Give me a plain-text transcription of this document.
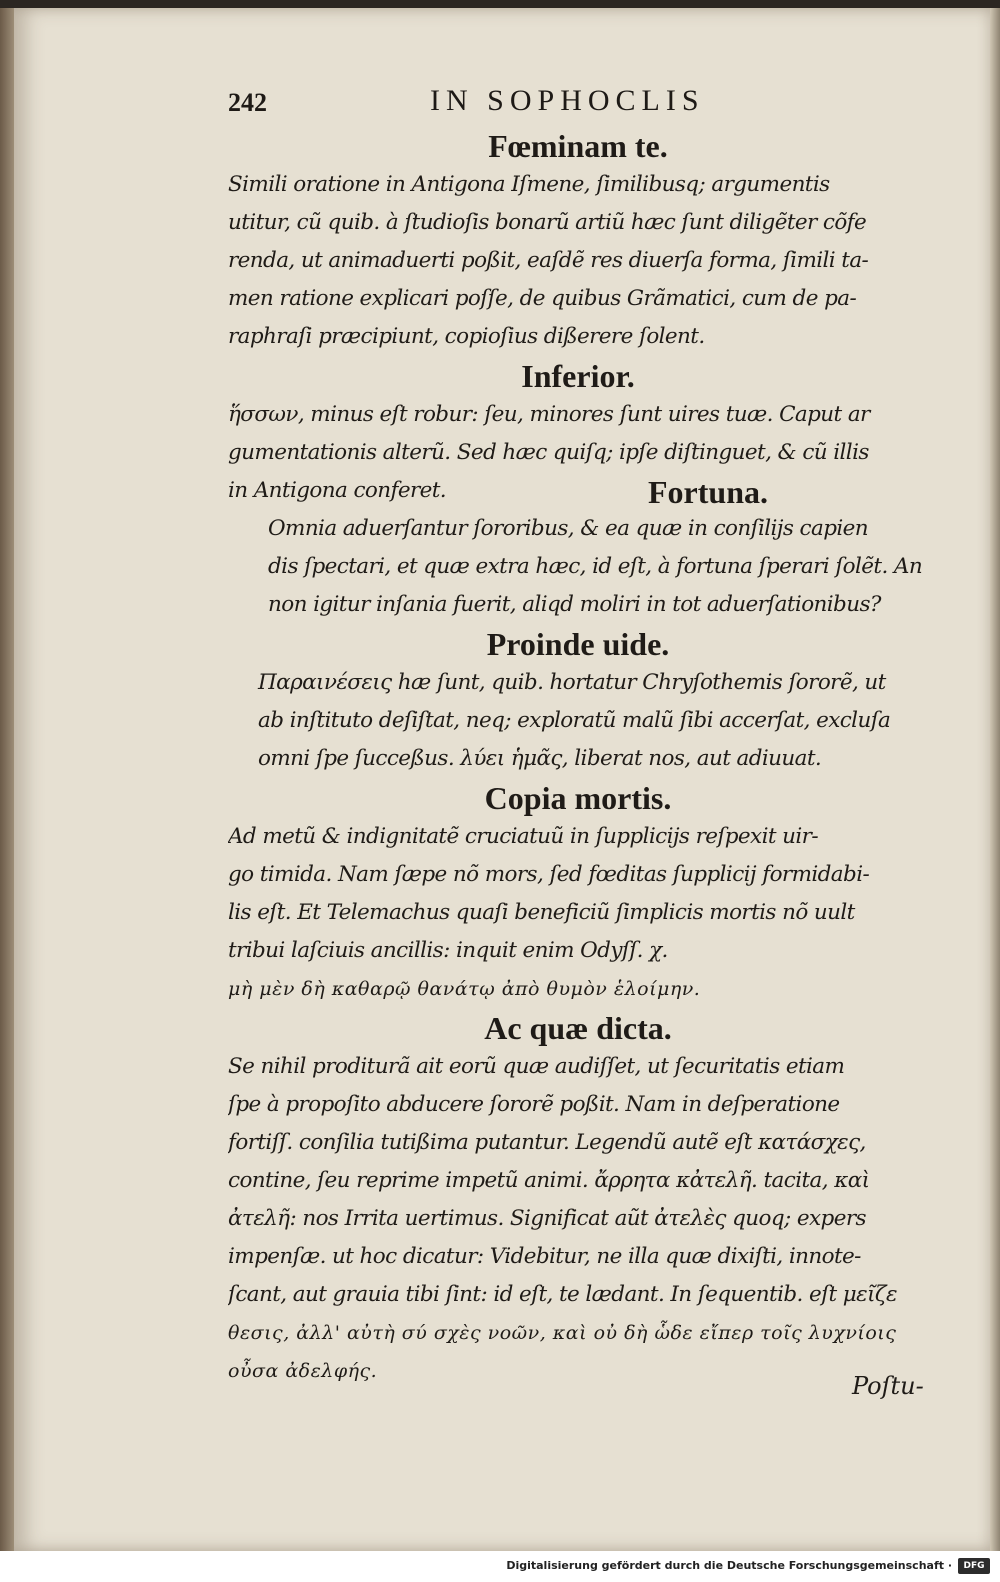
242	IN SOPHOCLIS
Fœminam te.

Simili oratione in Antigona Iſmene, ſimilibusq; argumentis
utitur, cũ quib. à ſtudioſis bonarũ artiũ hæc ſunt diligẽter cõfe
renda, ut animaduerti poßit, eaſdẽ res diuerſa forma, ſimili ta-
men ratione explicari poſſe, de quibus Grãmatici, cum de pa-
raphraſi præcipiunt, copioſius dißerere ſolent.

Inferior.

ἥσσων, minus eſt robur: ſeu, minores ſunt uires tuæ. Caput ar
gumentationis alterũ. Sed hæc quiſq; ipſe diſtinguet, & cũ illis
in Antigona conferet.	Fortuna.

Omnia aduerſantur ſororibus, & ea quæ in conſilijs capien
dis ſpectari, et quæ extra hæc, id eſt, à fortuna ſperari ſolẽt. An
non igitur inſania fuerit, aliqd moliri in tot aduerſationibus?

Proinde uide.

Παραινέσεις hæ ſunt, quib. hortatur Chryſothemis ſororẽ, ut
ab inſtituto deſiſtat, neq; exploratũ malũ ſibi accerſat, excluſa
omni ſpe ſucceßus. λύει ἡμᾶς, liberat nos, aut adiuuat.

Copia mortis.

Ad metũ & indignitatẽ cruciatuũ in ſupplicijs reſpexit uir-
go timida. Nam ſæpe nõ mors, ſed fœditas ſupplicij formidabi-
lis eſt. Et Telemachus quaſi beneficiũ ſimplicis mortis nõ uult
tribui laſciuis ancillis: inquit enim Odyſſ. χ.
μὴ μὲν δὴ καθαρῷ θανάτῳ ἀπὸ θυμὸν ἑλοίμην.

Ac quæ dicta.

Se nihil proditurã ait eorũ quæ audiſſet, ut ſecuritatis etiam
ſpe à propoſito abducere ſororẽ poßit. Nam in deſperatione
fortiſſ. conſilia tutißima putantur. Legendũ autẽ eſt κατάσχες,
contine, ſeu reprime impetũ animi. ἄρρητα κἀτελῆ. tacita, καὶ
ἀτελῆ: nos Irrita uertimus. Significat aũt ἀτελὲς quoq; expers
impenſæ. ut hoc dicatur: Videbitur, ne illa quæ dixiſti, innote-
ſcant, aut grauia tibi ſint: id eſt, te lædant. In ſequentib. eſt μεῖζε
θεσις, ἀλλ' αὐτὴ σύ σχὲς νοῶν, καὶ οὐ δὴ ὧδε εἴπερ τοῖς λυχνίοις
οὖσα ἀδελφής.

Poſtu-
Digitalisierung gefördert durch die Deutsche Forschungsgemeinschaft ·	DFG
